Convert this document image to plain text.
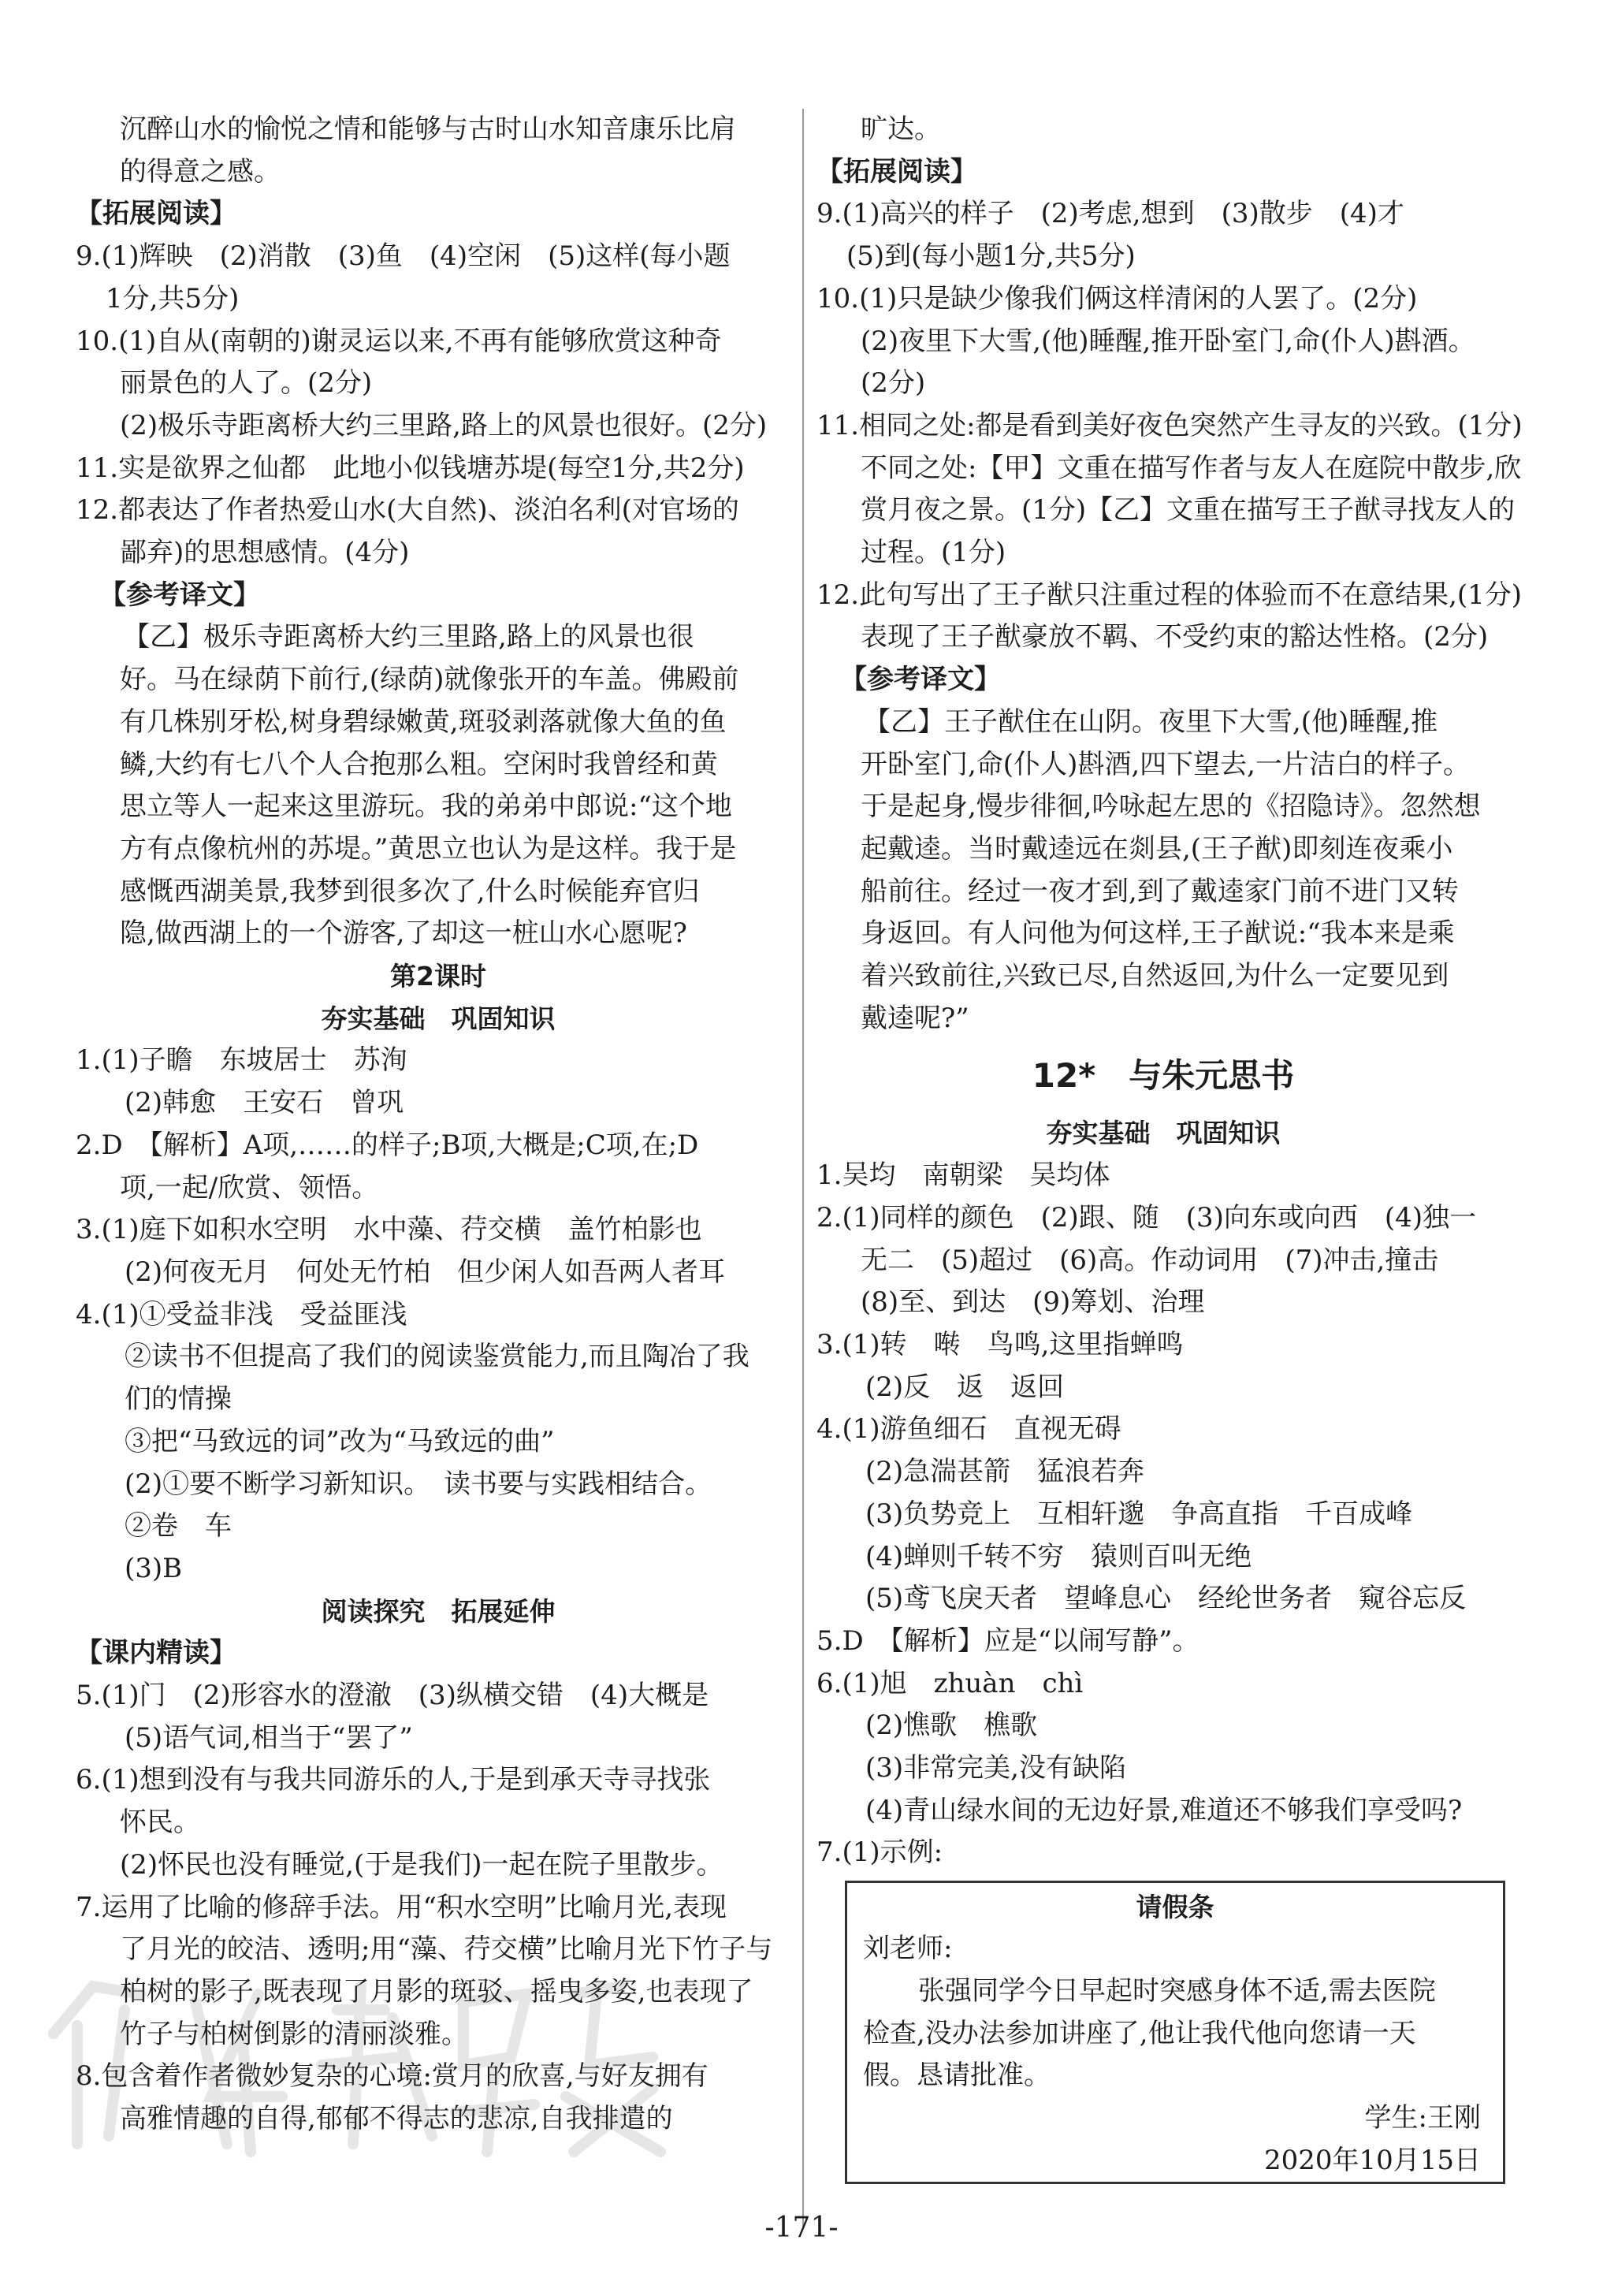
沉醉山水的愉悦之情和能够与古时山水知音康乐比肩
的得意之感。
【拓展阅读】
9.(1)辉映　(2)消散　(3)鱼　(4)空闲　(5)这样(每小题
1分,共5分)
10.(1)自从(南朝的)谢灵运以来,不再有能够欣赏这种奇
丽景色的人了。(2分)
(2)极乐寺距离桥大约三里路,路上的风景也很好。(2分)
11.实是欲界之仙都　此地小似钱塘苏堤(每空1分,共2分)
12.都表达了作者热爱山水(大自然)、淡泊名利(对官场的
鄙弃)的思想感情。(4分)
【参考译文】
【乙】极乐寺距离桥大约三里路,路上的风景也很
好。马在绿荫下前行,(绿荫)就像张开的车盖。佛殿前
有几株别牙松,树身碧绿嫩黄,斑驳剥落就像大鱼的鱼
鳞,大约有七八个人合抱那么粗。空闲时我曾经和黄
思立等人一起来这里游玩。我的弟弟中郎说:“这个地
方有点像杭州的苏堤。”黄思立也认为是这样。我于是
感慨西湖美景,我梦到很多次了,什么时候能弃官归
隐,做西湖上的一个游客,了却这一桩山水心愿呢?
第2课时
夯实基础　巩固知识
1.(1)子瞻　东坡居士　苏洵
(2)韩愈　王安石　曾巩
2.D　【解析】A项,……的样子;B项,大概是;C项,在;D
项,一起/欣赏、领悟。
3.(1)庭下如积水空明　水中藻、荇交横　盖竹柏影也
(2)何夜无月　何处无竹柏　但少闲人如吾两人者耳
4.(1)①受益非浅　受益匪浅
②读书不但提高了我们的阅读鉴赏能力,而且陶冶了我
们的情操
③把“马致远的词”改为“马致远的曲”
(2)①要不断学习新知识。　读书要与实践相结合。
②卷　车
(3)B
阅读探究　拓展延伸
【课内精读】
5.(1)门　(2)形容水的澄澈　(3)纵横交错　(4)大概是
(5)语气词,相当于“罢了”
6.(1)想到没有与我共同游乐的人,于是到承天寺寻找张
怀民。
(2)怀民也没有睡觉,(于是我们)一起在院子里散步。
7.运用了比喻的修辞手法。用“积水空明”比喻月光,表现
了月光的皎洁、透明;用“藻、荇交横”比喻月光下竹子与
柏树的影子,既表现了月影的斑驳、摇曳多姿,也表现了
竹子与柏树倒影的清丽淡雅。
8.包含着作者微妙复杂的心境:赏月的欣喜,与好友拥有
高雅情趣的自得,郁郁不得志的悲凉,自我排遣的
旷达。
【拓展阅读】
9.(1)高兴的样子　(2)考虑,想到　(3)散步　(4)才
(5)到(每小题1分,共5分)
10.(1)只是缺少像我们俩这样清闲的人罢了。(2分)
(2)夜里下大雪,(他)睡醒,推开卧室门,命(仆人)斟酒。
(2分)
11.相同之处:都是看到美好夜色突然产生寻友的兴致。(1分)
不同之处:【甲】文重在描写作者与友人在庭院中散步,欣
赏月夜之景。(1分)【乙】文重在描写王子猷寻找友人的
过程。(1分)
12.此句写出了王子猷只注重过程的体验而不在意结果,(1分)
表现了王子猷豪放不羁、不受约束的豁达性格。(2分)
【参考译文】
【乙】王子猷住在山阴。夜里下大雪,(他)睡醒,推
开卧室门,命(仆人)斟酒,四下望去,一片洁白的样子。
于是起身,慢步徘徊,吟咏起左思的《招隐诗》。忽然想
起戴逵。当时戴逵远在剡县,(王子猷)即刻连夜乘小
船前往。经过一夜才到,到了戴逵家门前不进门又转
身返回。有人问他为何这样,王子猷说:“我本来是乘
着兴致前往,兴致已尽,自然返回,为什么一定要见到
戴逵呢?”
12*　与朱元思书
夯实基础　巩固知识
1.吴均　南朝梁　吴均体
2.(1)同样的颜色　(2)跟、随　(3)向东或向西　(4)独一
无二　(5)超过　(6)高。作动词用　(7)冲击,撞击
(8)至、到达　(9)筹划、治理
3.(1)转　啭　鸟鸣,这里指蝉鸣
(2)反　返　返回
4.(1)游鱼细石　直视无碍
(2)急湍甚箭　猛浪若奔
(3)负势竞上　互相轩邈　争高直指　千百成峰
(4)蝉则千转不穷　猿则百叫无绝
(5)鸢飞戾天者　望峰息心　经纶世务者　窥谷忘反
5.D　【解析】应是“以闹写静”。
6.(1)旭　zhuàn　chì
(2)憔歌　樵歌
(3)非常完美,没有缺陷
(4)青山绿水间的无边好景,难道还不够我们享受吗?
7.(1)示例:
请假条
刘老师:
张强同学今日早起时突感身体不适,需去医院
检查,没办法参加讲座了,他让我代他向您请一天
假。恳请批准。
学生:王刚
2020年10月15日
-171-
